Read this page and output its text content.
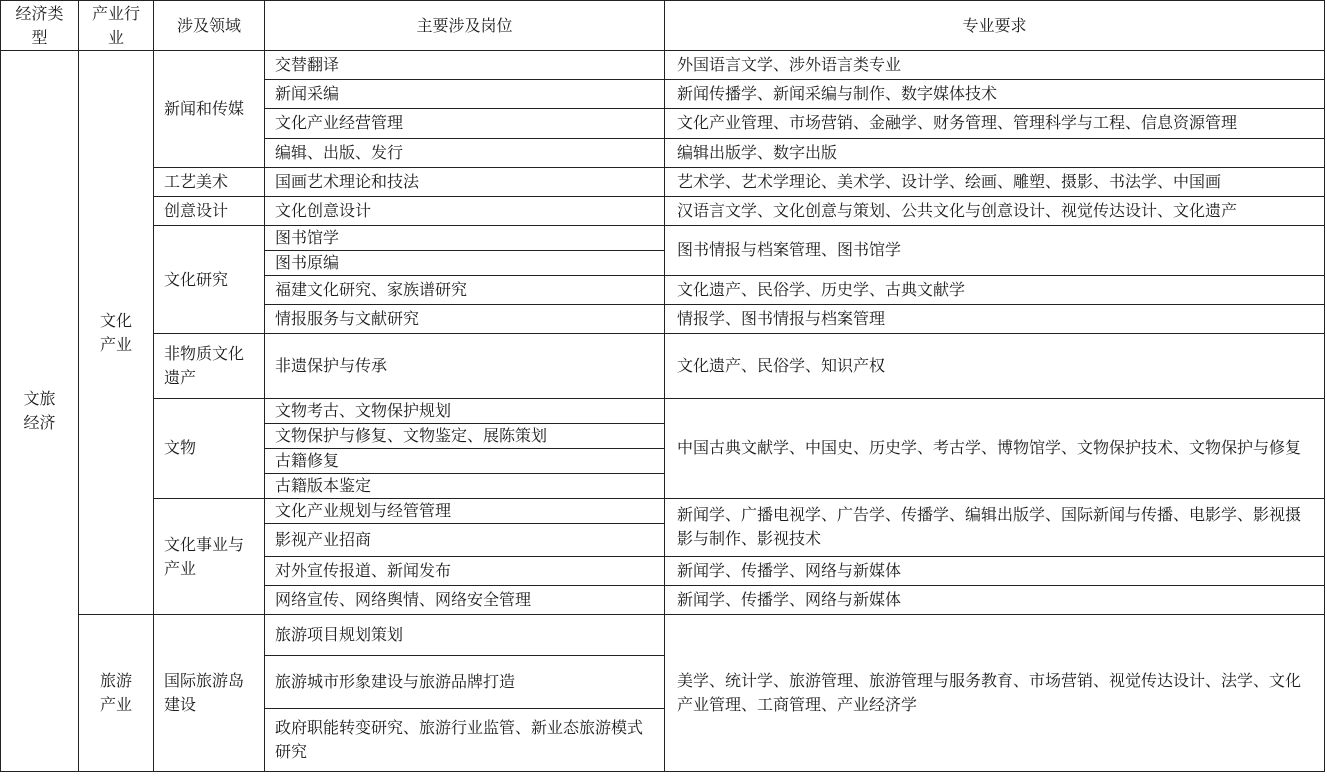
经济类型	产业行业	涉及领域	主要涉及岗位	专业要求
文旅经济	文化产业	新闻和传媒	交替翻译	外国语言文学、涉外语言类专业
			新闻采编	新闻传播学、新闻采编与制作、数字媒体技术
			文化产业经营管理	文化产业管理、市场营销、金融学、财务管理、管理科学与工程、信息资源管理
			编辑、出版、发行	编辑出版学、数字出版
		工艺美术	国画艺术理论和技法	艺术学、艺术学理论、美术学、设计学、绘画、雕塑、摄影、书法学、中国画
		创意设计	文化创意设计	汉语言文学、文化创意与策划、公共文化与创意设计、视觉传达设计、文化遗产
		文化研究	图书馆学	图书情报与档案管理、图书馆学
			图书原编	
			福建文化研究、家族谱研究	文化遗产、民俗学、历史学、古典文献学
			情报服务与文献研究	情报学、图书情报与档案管理
		非物质文化遗产	非遗保护与传承	文化遗产、民俗学、知识产权
		文物	文物考古、文物保护规划	中国古典文献学、中国史、历史学、考古学、博物馆学、文物保护技术、文物保护与修复
			文物保护与修复、文物鉴定、展陈策划	
			古籍修复	
			古籍版本鉴定	
		文化事业与产业	文化产业规划与经管管理	新闻学、广播电视学、广告学、传播学、编辑出版学、国际新闻与传播、电影学、影视摄影与制作、影视技术
			影视产业招商	
			对外宣传报道、新闻发布	新闻学、传播学、网络与新媒体
			网络宣传、网络舆情、网络安全管理	新闻学、传播学、网络与新媒体
	旅游产业	国际旅游岛建设	旅游项目规划策划	美学、统计学、旅游管理、旅游管理与服务教育、市场营销、视觉传达设计、法学、文化产业管理、工商管理、产业经济学
			旅游城市形象建设与旅游品牌打造	
			政府职能转变研究、旅游行业监管、新业态旅游模式研究	
